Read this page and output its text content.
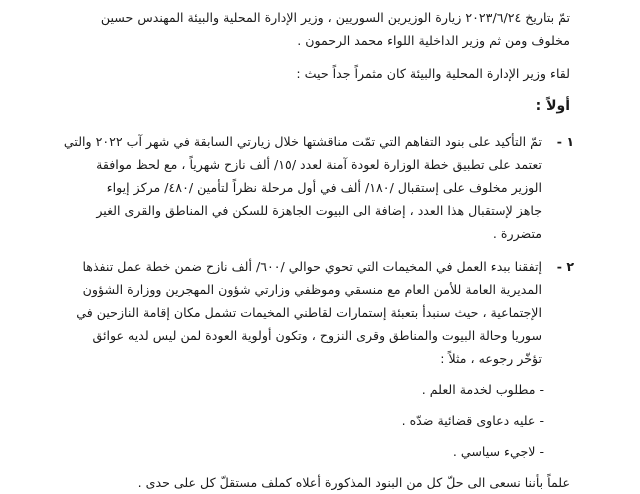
تمّ بتاريخ ٢٠٢٣/٦/٢٤ زيارة الوزيرين السوريين ، وزير الإدارة المحلية والبيئة المهندس حسين
مخلوف ومن ثم وزير الداخلية اللواء محمد الرحمون .
لقاء وزير الإدارة المحلية والبيئة كان مثمراً جداً حيث :
أولاً :
١ -
تمّ التأكيد على بنود التفاهم التي تمّت مناقشتها خلال زيارتي السابقة في شهر آب ٢٠٢٢ والتي
تعتمد على تطبيق خطة الوزارة لعودة آمنة لعدد /١٥/ ألف نازح شهرياً ، مع لحظ موافقة
الوزير مخلوف على إستقبال /١٨٠/ ألف في أول مرحلة نظراً لتأمين /٤٨٠/ مركز إيواء
جاهز لإستقبال هذا العدد ، إضافة الى البيوت الجاهزة للسكن في المناطق والقرى الغير
متضررة .
٢ -
إتفقنا ببدء العمل في المخيمات التي تحوي حوالي /٦٠٠/ ألف نازح ضمن خطة عمل تنفذها
المديرية العامة للأمن العام مع منسقي وموظفي وزارتي شؤون المهجرين ووزارة الشؤون
الإجتماعية ، حيث سنبدأ بتعبئة إستمارات لقاطني المخيمات تشمل مكان إقامة النازحين في
سوريا وحالة البيوت والمناطق وقرى النزوح ، وتكون أولوية العودة لمن ليس لديه عوائق
تؤخّر رجوعه ، مثلاً :
- مطلوب لخدمة العلم .
- عليه دعاوى قضائية ضدّه .
- لاجيء سياسي .
علماً بأننا نسعى الى حلّ كل من البنود المذكورة أعلاه كملف مستقلّ كل على حدى .
